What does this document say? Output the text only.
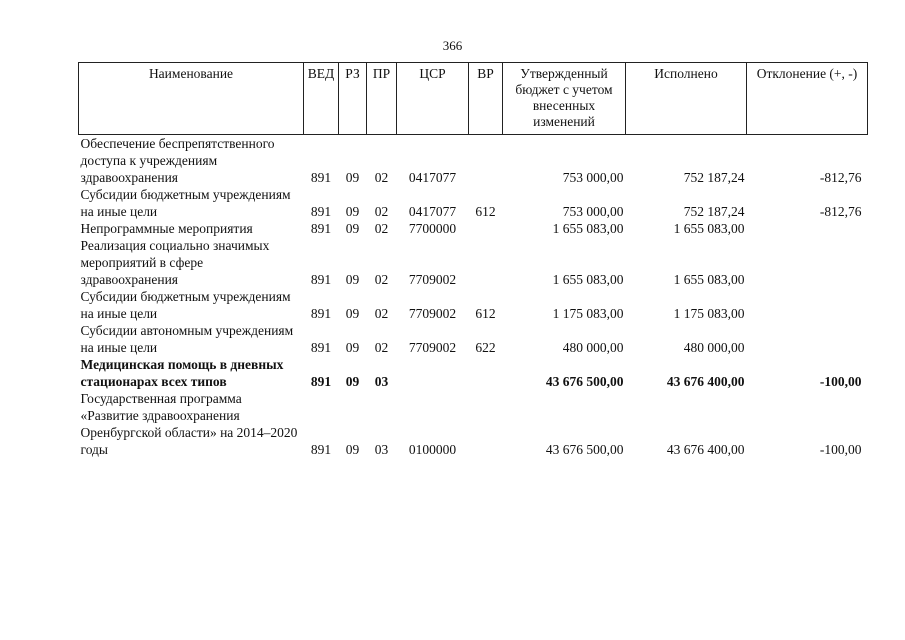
366
Наименование	ВЕД	РЗ	ПР	ЦСР	ВР	Утвержденный бюджет с учетом внесенных изменений	Исполнено	Отклонение (+, -)
Обеспечение беспрепятственного доступа к учреждениям здравоохранения	891	09	02	0417077		753 000,00	752 187,24	-812,76
Субсидии бюджетным учреждениям на иные цели	891	09	02	0417077	612	753 000,00	752 187,24	-812,76
Непрограммные мероприятия	891	09	02	7700000		1 655 083,00	1 655 083,00	
Реализация социально значимых мероприятий в сфере здравоохранения	891	09	02	7709002		1 655 083,00	1 655 083,00	
Субсидии бюджетным учреждениям на иные цели	891	09	02	7709002	612	1 175 083,00	1 175 083,00	
Субсидии автономным учреждениям на иные цели	891	09	02	7709002	622	480 000,00	480 000,00	
Медицинская помощь в дневных стационарах всех типов	891	09	03			43 676 500,00	43 676 400,00	-100,00
Государственная программа «Развитие здравоохранения Оренбургской области» на 2014–2020 годы	891	09	03	0100000		43 676 500,00	43 676 400,00	-100,00
